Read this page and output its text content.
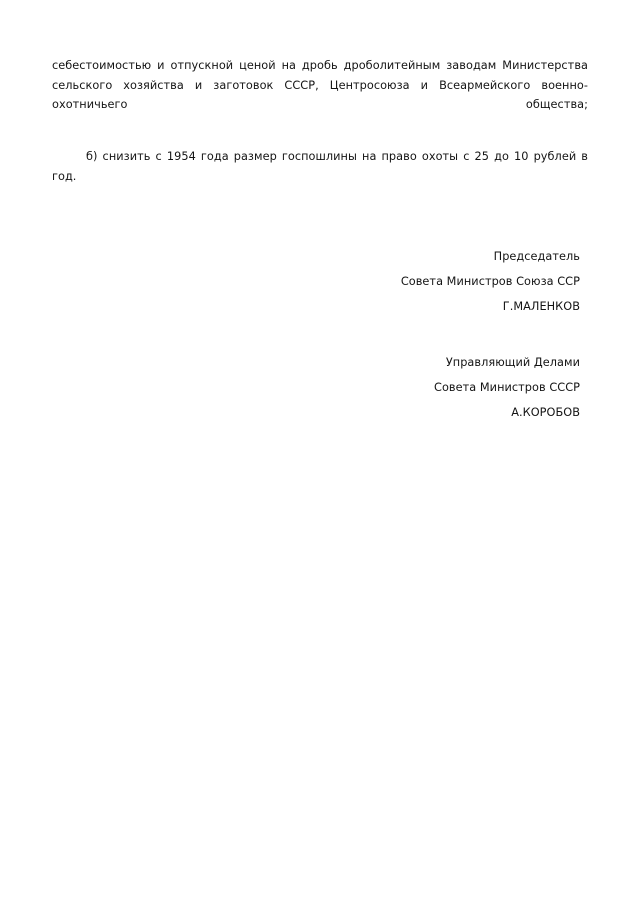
себестоимостью и отпускной ценой на дробь дроболитейным заводам Министерства сельского хозяйства и заготовок СССР, Центросоюза и Всеармейского военно-охотничьего общества;

б) снизить с 1954 года размер госпошлины на право охоты с 25 до 10 рублей в год.

Председатель
Совета Министров Союза ССР
Г.МАЛЕНКОВ
Управляющий Делами
Совета Министров СССР
А.КОРОБОВ
